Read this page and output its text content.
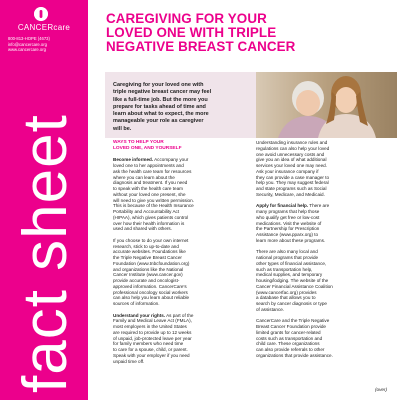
CANCERcare
800-813-HOPE (4673)
info@cancercare.org
www.cancercare.org
fact sheet
CAREGIVING FOR YOUR
LOVED ONE WITH TRIPLE
NEGATIVE BREAST CANCER

Caregiving for your loved one with
triple negative breast cancer may feel
like a full-time job. But the more you
prepare for tasks ahead of time and
learn about what to expect, the more
manageable your role as caregiver
will be.

WAYS TO HELP YOUR
LOVED ONE, AND YOURSELF

Become informed. Accompany your
loved one to her appointments and
ask the health care team for resources
where you can learn about the
diagnosis and treatment. If you need
to speak with the health care team
without your loved one present, she
will need to give you written permission.
This is because of the Health Insurance
Portability and Accountability Act
(HIPAA), which gives patients control
over how their health information is
used and shared with others.

If you choose to do your own internet
research, stick to up-to-date and
accurate websites. Foundations like
the Triple Negative Breast Cancer
Foundation (www.tnbcfoundation.org)
and organizations like the National
Cancer Institute (www.cancer.gov)
provide accurate and oncologist-
approved information. CancerCare's
professional oncology social workers
can also help you learn about reliable
sources of information.

Understand your rights. As part of the
Family and Medical Leave Act (FMLA),
most employers in the United States
are required to provide up to 12 weeks
of unpaid, job-protected leave per year
for family members who need time
to care for a spouse, child, or parent.
Speak with your employer if you need
unpaid time off.

Understanding insurance rules and
regulations can also help your loved
one avoid unnecessary costs and
give you an idea of what additional
services your loved one may need.
Ask your insurance company if
they can provide a case manager to
help you. They may suggest federal
and state programs such as Social
Security, Medicare, and Medicaid.

Apply for financial help. There are
many programs that help those
who qualify get free or low-cost
medications. Visit the website of
the Partnership for Prescription
Assistance (www.pparx.org) to
learn more about these programs.

There are also many local and
national programs that provide
other types of financial assistance,
such as transportation help,
medical supplies, and temporary
housing/lodging. The website of the
Cancer Financial Assistance Coalition
(www.cancerfac.org) provides
a database that allows you to
search by cancer diagnosis or type
of assistance.

CancerCare and the Triple Negative
Breast Cancer Foundation provide
limited grants for cancer-related
costs such as transportation and
child care. These organizations
can also provide referrals to other
organizations that provide assistance.

(over)
